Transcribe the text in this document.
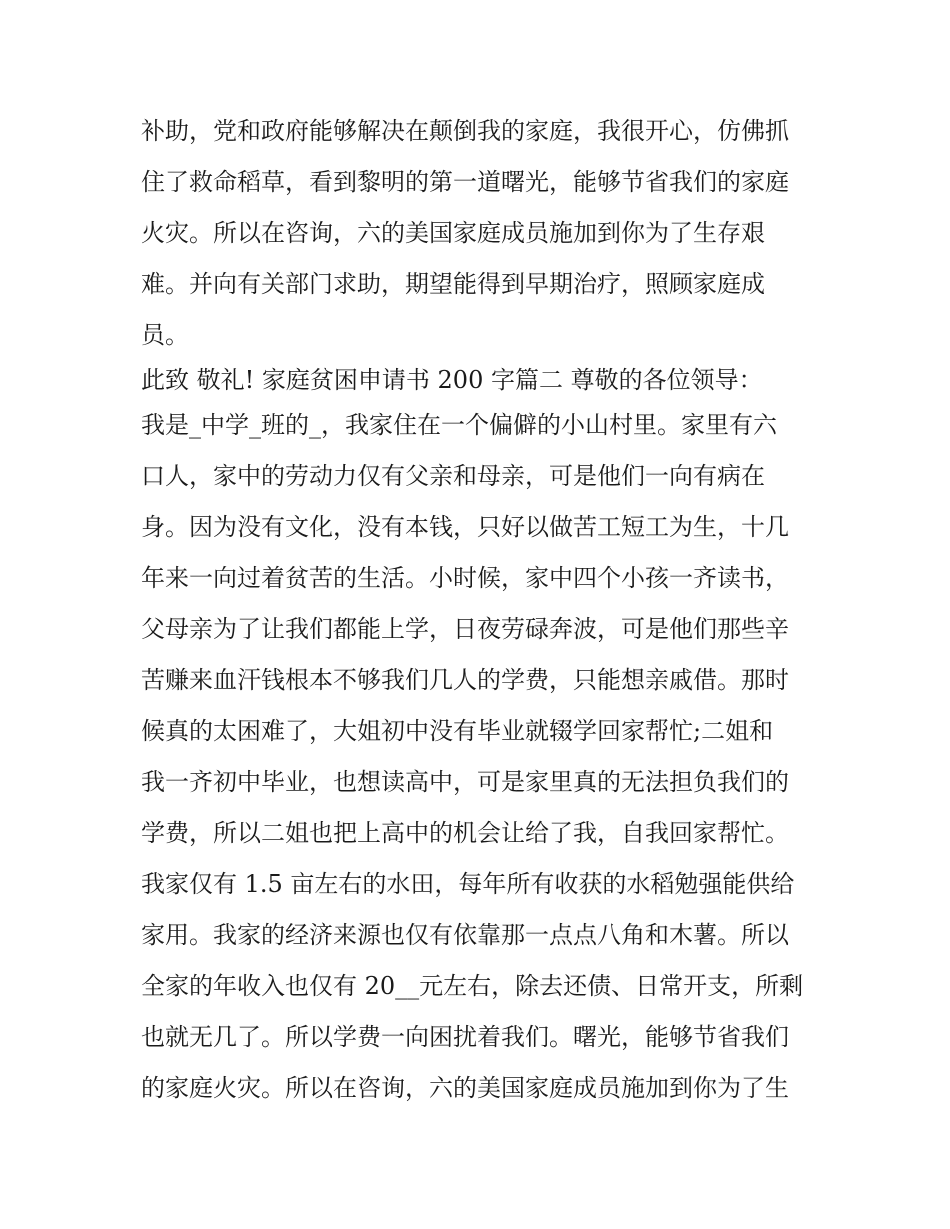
补助，党和政府能够解决在颠倒我的家庭，我很开心，仿佛抓
住了救命稻草，看到黎明的第一道曙光，能够节省我们的家庭
火灾。所以在咨询，六的美国家庭成员施加到你为了生存艰
难。并向有关部门求助，期望能得到早期治疗，照顾家庭成
员。
此致 敬礼! 家庭贫困申请书 200 字篇二 尊敬的各位领导：
我是_中学_班的_，我家住在一个偏僻的小山村里。家里有六
口人，家中的劳动力仅有父亲和母亲，可是他们一向有病在
身。因为没有文化，没有本钱，只好以做苦工短工为生，十几
年来一向过着贫苦的生活。小时候，家中四个小孩一齐读书，
父母亲为了让我们都能上学，日夜劳碌奔波，可是他们那些辛
苦赚来血汗钱根本不够我们几人的学费，只能想亲戚借。那时
候真的太困难了，大姐初中没有毕业就辍学回家帮忙;二姐和
我一齐初中毕业，也想读高中，可是家里真的无法担负我们的
学费，所以二姐也把上高中的机会让给了我，自我回家帮忙。
我家仅有 1.5 亩左右的水田，每年所有收获的水稻勉强能供给
家用。我家的经济来源也仅有依靠那一点点八角和木薯。所以
全家的年收入也仅有 20__元左右，除去还债、日常开支，所剩
也就无几了。所以学费一向困扰着我们。曙光，能够节省我们
的家庭火灾。所以在咨询，六的美国家庭成员施加到你为了生
